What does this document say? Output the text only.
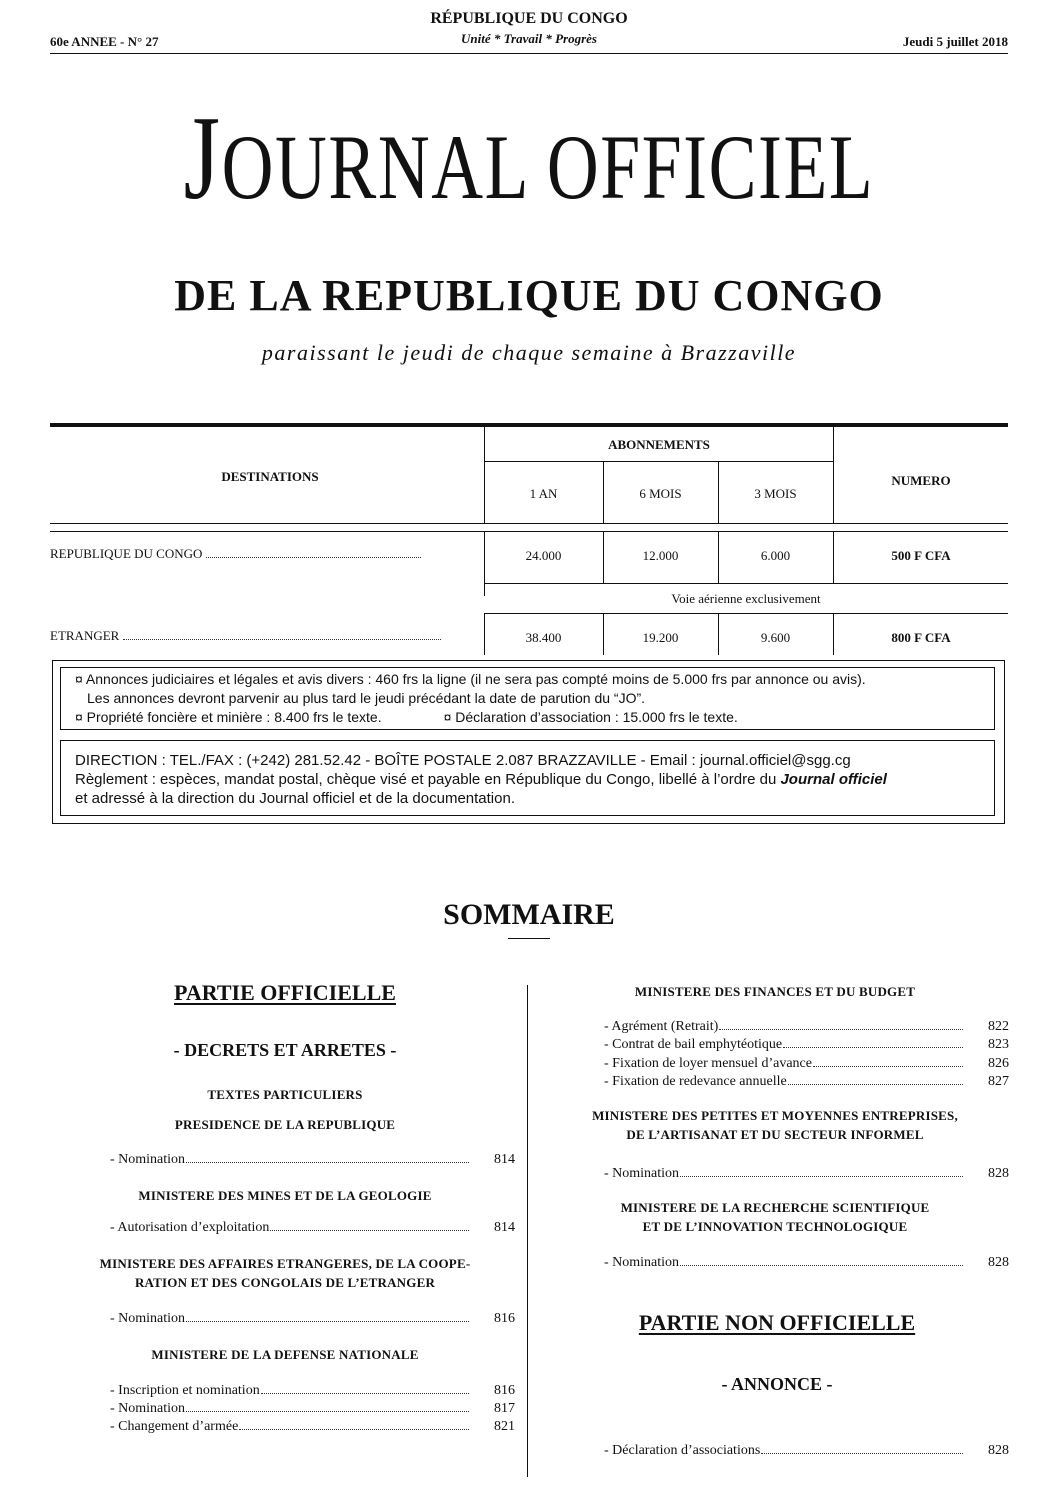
RÉPUBLIQUE DU CONGO
Unité * Travail * Progrès
60e ANNEE - N° 27	Jeudi 5 juillet 2018
JOURNAL OFFICIEL
DE LA REPUBLIQUE DU CONGO
paraissant le jeudi de chaque semaine à Brazzaville
DESTINATIONS
ABONNEMENTS
NUMERO
1 AN	6 MOIS	3 MOIS
REPUBLIQUE DU CONGO	24.000	12.000	6.000	500 F CFA
Voie aérienne exclusivement
ETRANGER	38.400	19.200	9.600	800 F CFA
¤ Annonces judiciaires et légales et avis divers : 460 frs la ligne (il ne sera pas compté moins de 5.000 frs par annonce ou avis).
Les annonces devront parvenir au plus tard le jeudi précédant la date de parution du “JO”.
¤ Propriété foncière et minière : 8.400 frs le texte.	¤ Déclaration d’association : 15.000 frs le texte.
DIRECTION : TEL./FAX : (+242) 281.52.42 - BOÎTE POSTALE 2.087 BRAZZAVILLE - Email : journal.officiel@sgg.cg
Règlement : espèces, mandat postal, chèque visé et payable en République du Congo, libellé à l’ordre du Journal officiel
et adressé à la direction du Journal officiel et de la documentation.
SOMMAIRE
PARTIE OFFICIELLE
- DECRETS ET ARRETES -
TEXTES PARTICULIERS
PRESIDENCE DE LA REPUBLIQUE
- Nomination	814
MINISTERE DES MINES ET DE LA GEOLOGIE
- Autorisation d’exploitation	814
MINISTERE DES AFFAIRES ETRANGERES, DE LA COOPE-
RATION ET DES CONGOLAIS DE L’ETRANGER
- Nomination	816
MINISTERE DE LA DEFENSE NATIONALE
- Inscription et nomination	816
- Nomination	817
- Changement d’armée	821
MINISTERE DES FINANCES ET DU BUDGET
- Agrément (Retrait)	822
- Contrat de bail emphytéotique	823
- Fixation de loyer mensuel d’avance	826
- Fixation de redevance annuelle	827
MINISTERE DES PETITES ET MOYENNES ENTREPRISES,
DE L’ARTISANAT ET DU SECTEUR INFORMEL
- Nomination	828
MINISTERE DE LA RECHERCHE SCIENTIFIQUE
ET DE L’INNOVATION TECHNOLOGIQUE
- Nomination	828
PARTIE NON OFFICIELLE
- ANNONCE -
- Déclaration d’associations	828
